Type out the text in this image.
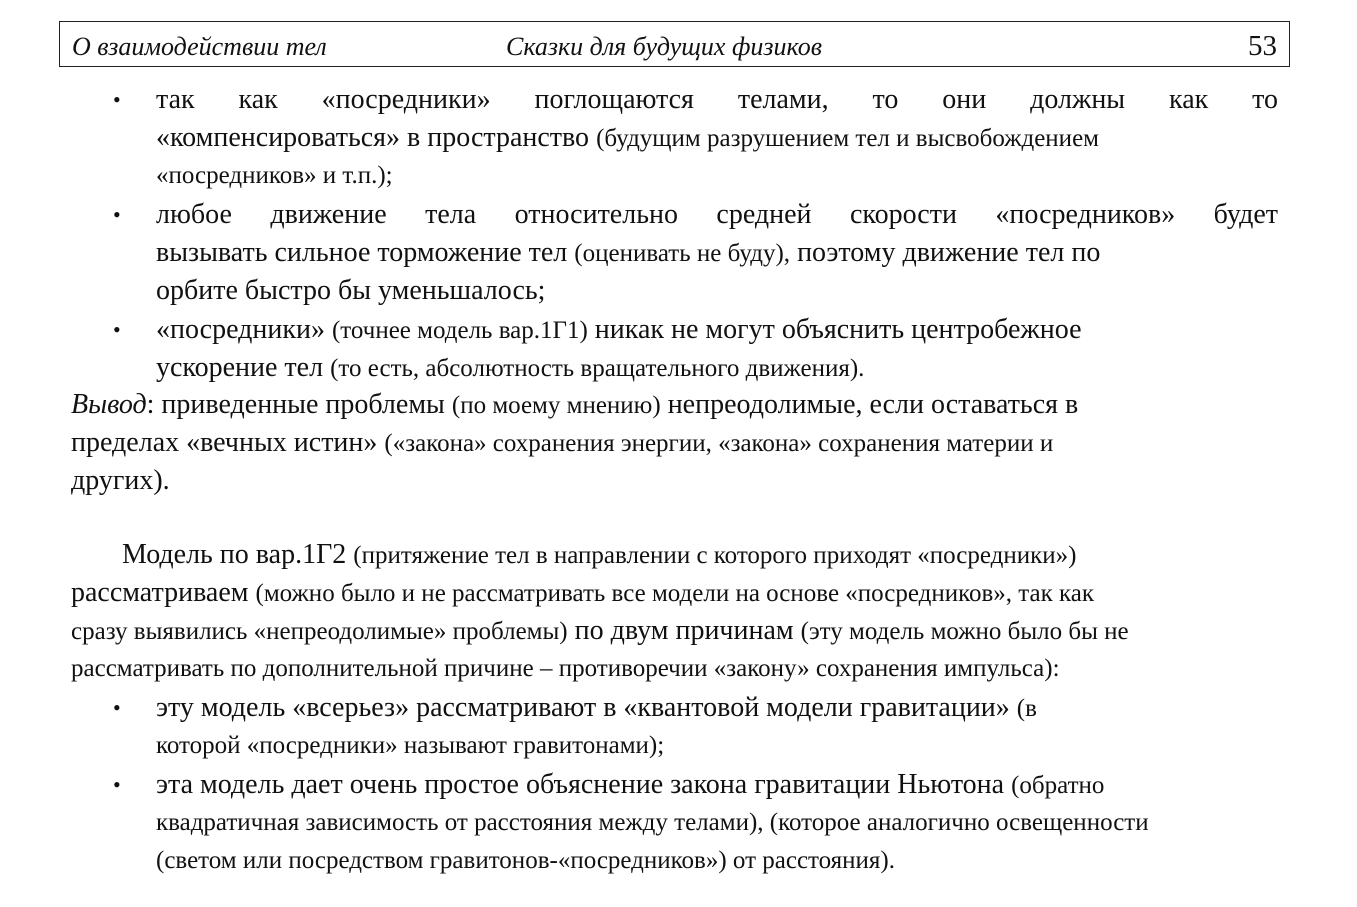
О взаимодействии тел	Сказки для будущих физиков	53
•	так как «посредники» поглощаются телами, то они должны как то
«компенсироваться» в пространство (будущим разрушением тел и высвобождением
«посредников» и т.п.);
•	любое движение тела относительно средней скорости «посредников» будет
вызывать сильное торможение тел (оценивать не буду), поэтому движение тел по
орбите быстро бы уменьшалось;
•	«посредники» (точнее модель вар.1Г1) никак не могут объяснить центробежное
ускорение тел (то есть, абсолютность вращательного движения).
Вывод: приведенные проблемы (по моему мнению) непреодолимые, если оставаться в
пределах «вечных истин» («закона» сохранения энергии, «закона» сохранения материи и
других).
Модель по вар.1Г2 (притяжение тел в направлении с которого приходят «посредники»)
рассматриваем (можно было и не рассматривать все модели на основе «посредников», так как
сразу выявились «непреодолимые» проблемы) по двум причинам (эту модель можно было бы не
рассматривать по дополнительной причине – противоречии «закону» сохранения импульса):
•	эту модель «всерьез» рассматривают в «квантовой модели гравитации» (в
которой «посредники» называют гравитонами);
•	эта модель дает очень простое объяснение закона гравитации Ньютона (обратно
квадратичная зависимость от расстояния между телами), (которое аналогично освещенности
(светом или посредством гравитонов-«посредников») от расстояния).
